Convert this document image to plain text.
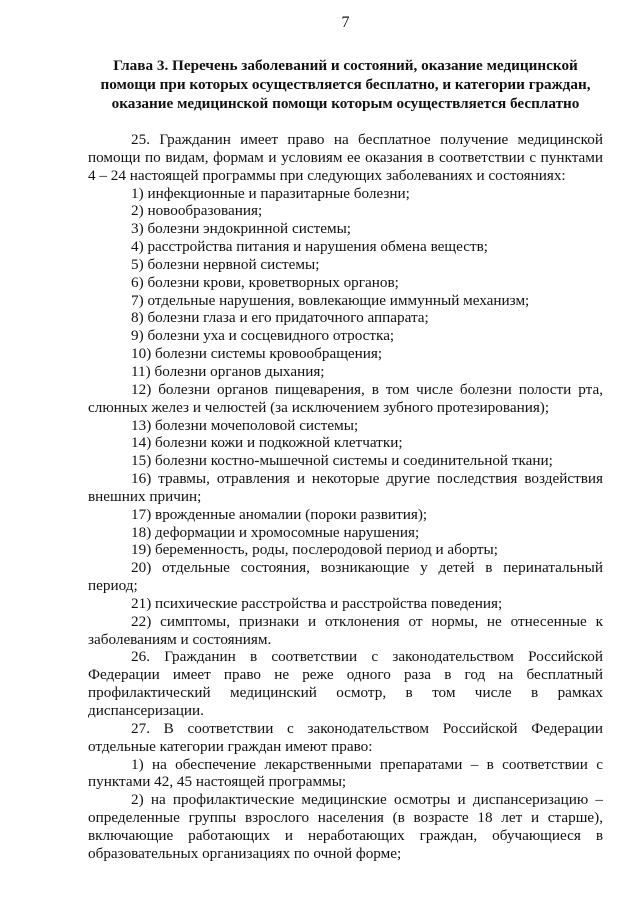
7
Глава 3. Перечень заболеваний и состояний, оказание медицинской
помощи при которых осуществляется бесплатно, и категории граждан,
оказание медицинской помощи которым осуществляется бесплатно

25. Гражданин имеет право на бесплатное получение медицинской помощи по видам, формам и условиям ее оказания в соответствии с пунктами 4 – 24 настоящей программы при следующих заболеваниях и состояниях:

1) инфекционные и паразитарные болезни;

2) новообразования;

3) болезни эндокринной системы;

4) расстройства питания и нарушения обмена веществ;

5) болезни нервной системы;

6) болезни крови, кроветворных органов;

7) отдельные нарушения, вовлекающие иммунный механизм;

8) болезни глаза и его придаточного аппарата;

9) болезни уха и сосцевидного отростка;

10) болезни системы кровообращения;

11) болезни органов дыхания;

12) болезни органов пищеварения, в том числе болезни полости рта, слюнных желез и челюстей (за исключением зубного протезирования);

13) болезни мочеполовой системы;

14) болезни кожи и подкожной клетчатки;

15) болезни костно-мышечной системы и соединительной ткани;

16) травмы, отравления и некоторые другие последствия воздействия внешних причин;

17) врожденные аномалии (пороки развития);

18) деформации и хромосомные нарушения;

19) беременность, роды, послеродовой период и аборты;

20) отдельные состояния, возникающие у детей в перинатальный период;

21) психические расстройства и расстройства поведения;

22) симптомы, признаки и отклонения от нормы, не отнесенные к заболеваниям и состояниям.

26. Гражданин в соответствии с законодательством Российской Федерации имеет право не реже одного раза в год на бесплатный профилактический медицинский осмотр, в том числе в рамках диспансеризации.

27. В соответствии с законодательством Российской Федерации отдельные категории граждан имеют право:

1) на обеспечение лекарственными препаратами – в соответствии с пунктами 42, 45 настоящей программы;

2) на профилактические медицинские осмотры и диспансеризацию – определенные группы взрослого населения (в возрасте 18 лет и старше), включающие работающих и неработающих граждан, обучающиеся в образовательных организациях по очной форме;
